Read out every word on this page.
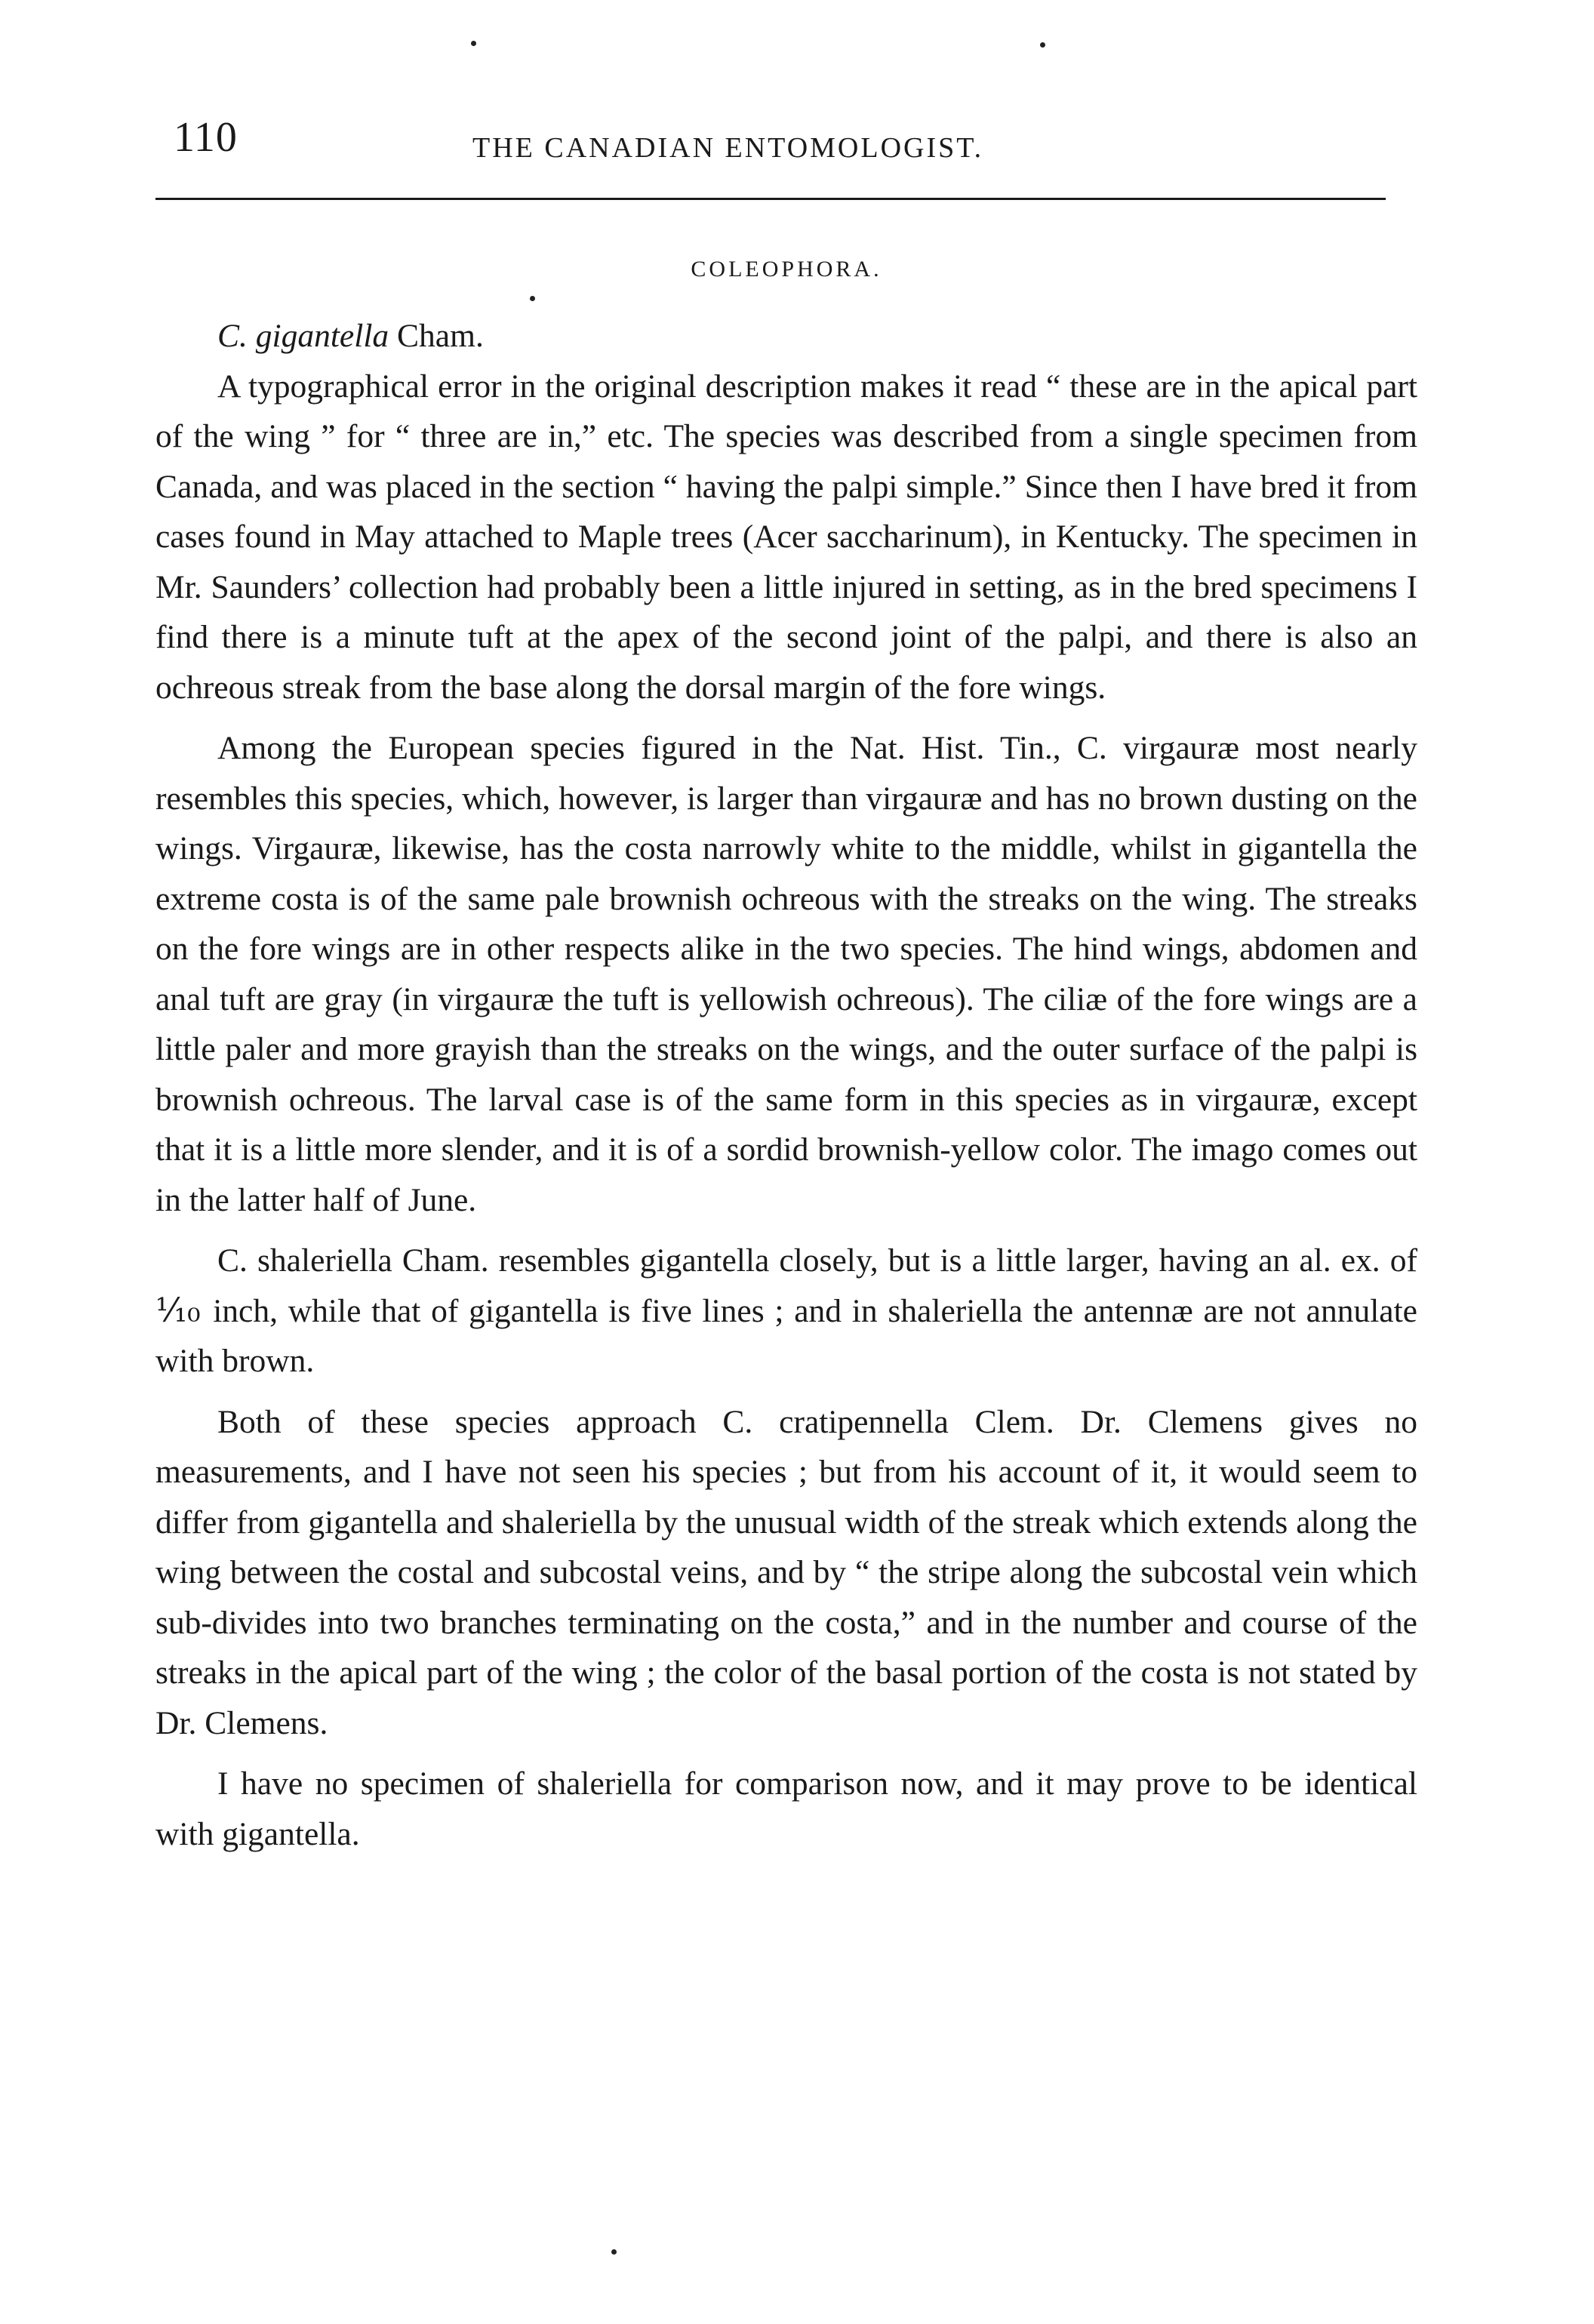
110	THE CANADIAN ENTOMOLOGIST.
COLEOPHORA.

C. gigantella Cham.

A typographical error in the original description makes it read “ these are in the apical part of the wing ” for “ three are in,” etc. The species was described from a single specimen from Canada, and was placed in the section “ having the palpi simple.” Since then I have bred it from cases found in May attached to Maple trees (Acer saccharinum), in Kentucky. The specimen in Mr. Saunders’ collection had probably been a little injured in setting, as in the bred specimens I find there is a minute tuft at the apex of the second joint of the palpi, and there is also an ochreous streak from the base along the dorsal margin of the fore wings.

Among the European species figured in the Nat. Hist. Tin., C. virgauræ most nearly resembles this species, which, however, is larger than virgauræ and has no brown dusting on the wings. Virgauræ, likewise, has the costa narrowly white to the middle, whilst in gigantella the extreme costa is of the same pale brownish ochreous with the streaks on the wing. The streaks on the fore wings are in other respects alike in the two species. The hind wings, abdomen and anal tuft are gray (in virgauræ the tuft is yellowish ochreous). The ciliæ of the fore wings are a little paler and more grayish than the streaks on the wings, and the outer surface of the palpi is brownish ochreous. The larval case is of the same form in this species as in virgauræ, except that it is a little more slender, and it is of a sordid brownish-yellow color. The imago comes out in the latter half of June.

C. shaleriella Cham. resembles gigantella closely, but is a little larger, having an al. ex. of ⅒ inch, while that of gigantella is five lines ; and in shaleriella the antennæ are not annulate with brown.

Both of these species approach C. cratipennella Clem. Dr. Clemens gives no measurements, and I have not seen his species ; but from his account of it, it would seem to differ from gigantella and shaleriella by the unusual width of the streak which extends along the wing between the costal and subcostal veins, and by “ the stripe along the subcostal vein which sub-divides into two branches terminating on the costa,” and in the number and course of the streaks in the apical part of the wing ; the color of the basal portion of the costa is not stated by Dr. Clemens.

I have no specimen of shaleriella for comparison now, and it may prove to be identical with gigantella.
